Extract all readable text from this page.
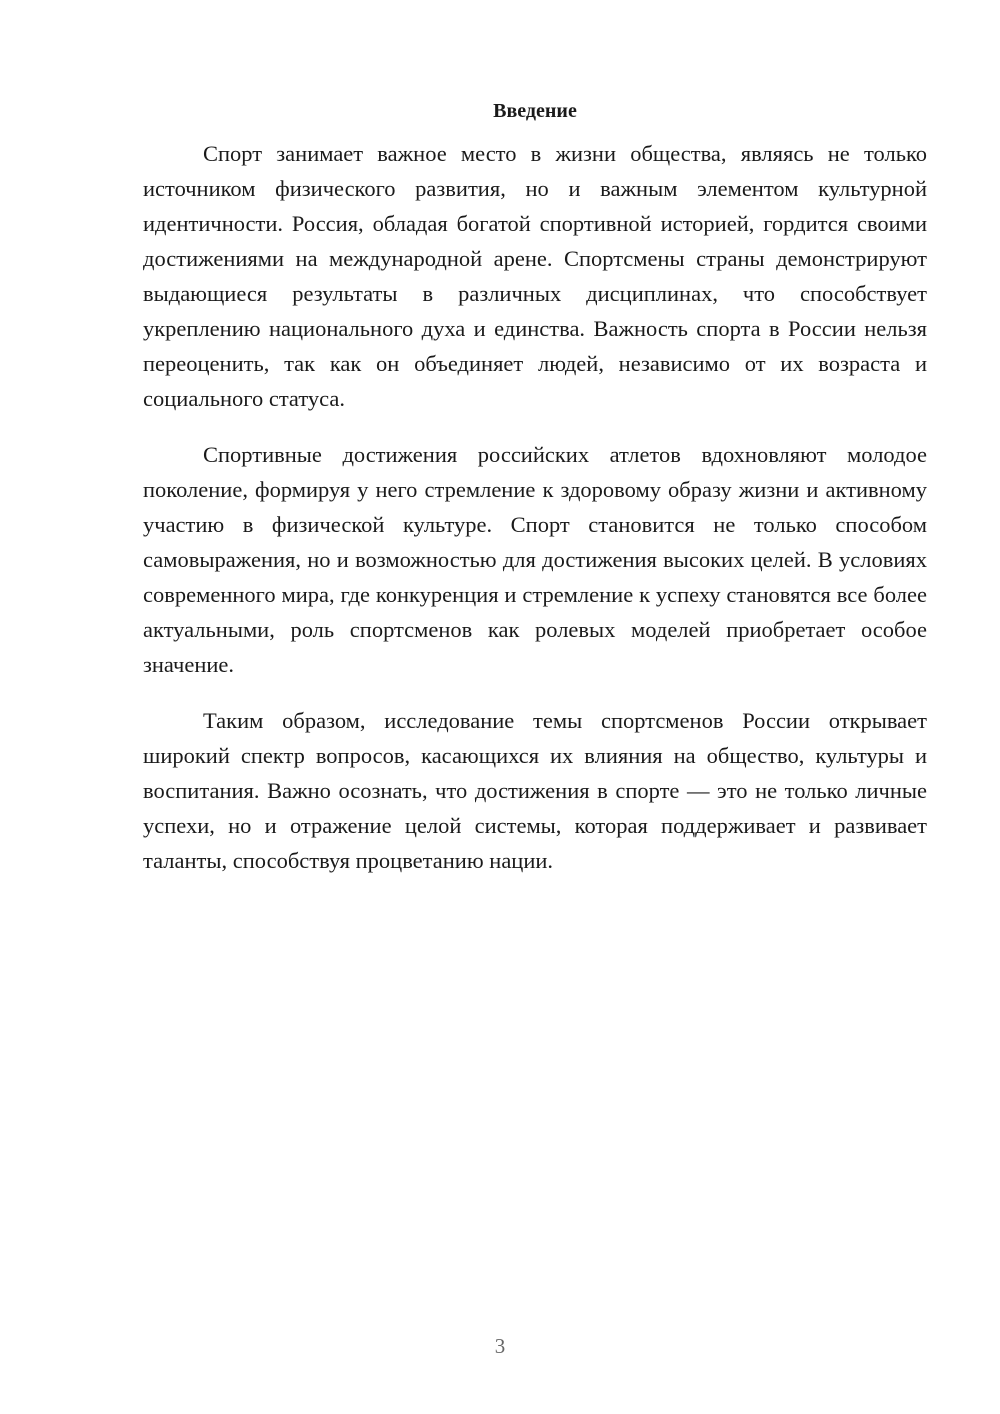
Введение

Спорт занимает важное место в жизни общества, являясь не только источником физического развития, но и важным элементом культурной идентичности. Россия, обладая богатой спортивной историей, гордится своими достижениями на международной арене. Спортсмены страны демонстрируют выдающиеся результаты в различных дисциплинах, что способствует укреплению национального духа и единства. Важность спорта в России нельзя переоценить, так как он объединяет людей, независимо от их возраста и социального статуса.

Спортивные достижения российских атлетов вдохновляют молодое поколение, формируя у него стремление к здоровому образу жизни и активному участию в физической культуре. Спорт становится не только способом самовыражения, но и возможностью для достижения высоких целей. В условиях современного мира, где конкуренция и стремление к успеху становятся все более актуальными, роль спортсменов как ролевых моделей приобретает особое значение.

Таким образом, исследование темы спортсменов России открывает широкий спектр вопросов, касающихся их влияния на общество, культуры и воспитания. Важно осознать, что достижения в спорте — это не только личные успехи, но и отражение целой системы, которая поддерживает и развивает таланты, способствуя процветанию нации.

3
